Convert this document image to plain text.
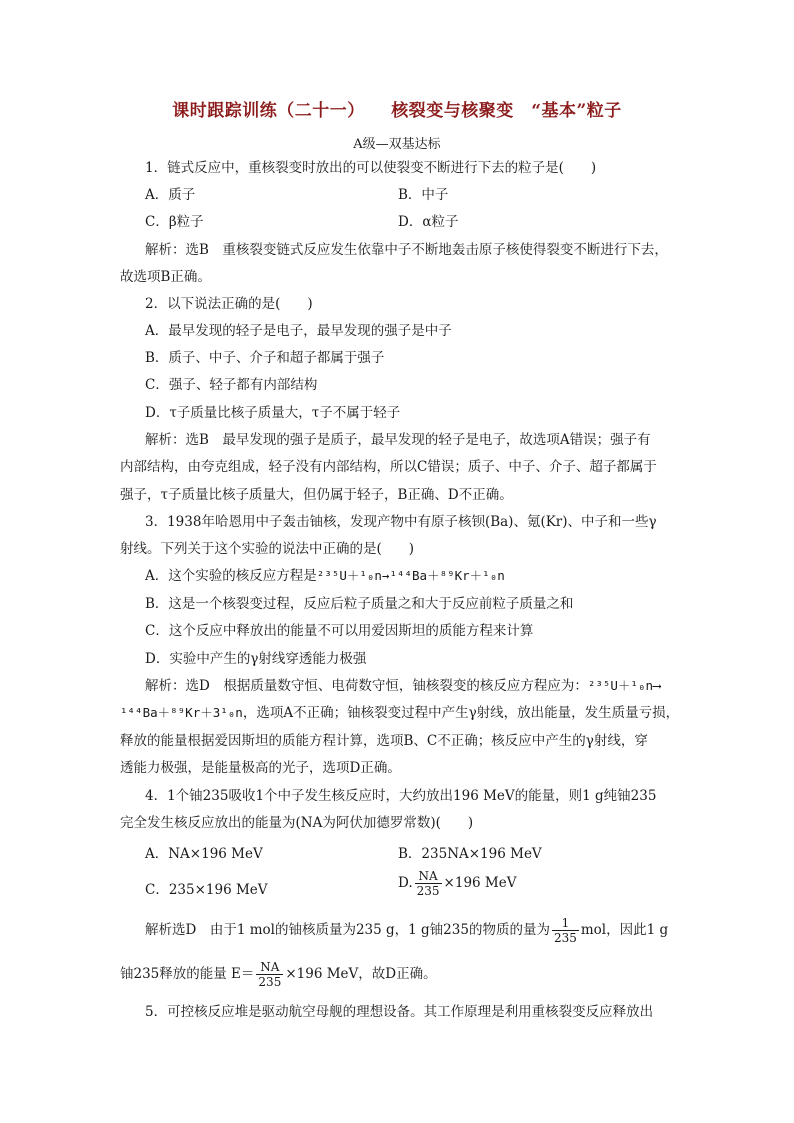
课时跟踪训练（二十一）　　 核裂变与核聚变　 “基本”粒子
A级—双基达标
1．链式反应中，重核裂变时放出的可以使裂变不断进行下去的粒子是(　　)
A．质子	B．中子
C．β粒子	D．α粒子
解析：选B　重核裂变链式反应发生依靠中子不断地轰击原子核使得裂变不断进行下去，
故选项B正确。
2．以下说法正确的是(　　)
A．最早发现的轻子是电子，最早发现的强子是中子
B．质子、中子、介子和超子都属于强子
C．强子、轻子都有内部结构
D．τ子质量比核子质量大，τ子不属于轻子
解析：选B　最早发现的强子是质子，最早发现的轻子是电子，故选项A错误；强子有
内部结构，由夸克组成，轻子没有内部结构，所以C错误；质子、中子、介子、超子都属于
强子，τ子质量比核子质量大，但仍属于轻子，B正确、D不正确。
3．1938年哈恩用中子轰击铀核，发现产物中有原子核钡(Ba)、氪(Kr)、中子和一些γ
射线。下列关于这个实验的说法中正确的是(　　)
A．这个实验的核反应方程是²³⁵U＋¹₀n→¹⁴⁴Ba＋⁸⁹Kr＋¹₀n
B．这是一个核裂变过程，反应后粒子质量之和大于反应前粒子质量之和
C．这个反应中释放出的能量不可以用爱因斯坦的质能方程来计算
D．实验中产生的γ射线穿透能力极强
解析：选D　根据质量数守恒、电荷数守恒，铀核裂变的核反应方程应为：²³⁵U＋¹₀n⟶
¹⁴⁴Ba＋⁸⁹Kr＋3¹₀n，选项A不正确；铀核裂变过程中产生γ射线，放出能量，发生质量亏损，
释放的能量根据爱因斯坦的质能方程计算，选项B、C不正确；核反应中产生的γ射线，穿
透能力极强，是能量极高的光子，选项D正确。
4．1个铀235吸收1个中子发生核反应时，大约放出196 MeV的能量，则1 g纯铀235
完全发生核反应放出的能量为(NA为阿伏加德罗常数)(　　)
A．NA×196 MeV	B．235NA×196 MeV
C．235×196 MeV	D. $\frac{NA}{235} \times 196$ MeV
解析选D　由于1 mol的铀核质量为235 g，1 g铀235的物质的量为 $\frac{1}{235}$ mol，因此1 g
铀235释放的能量 $E= \frac{NA}{235} \times 196$ MeV，故D正确。
5．可控核反应堆是驱动航空母舰的理想设备。其工作原理是利用重核裂变反应释放出
